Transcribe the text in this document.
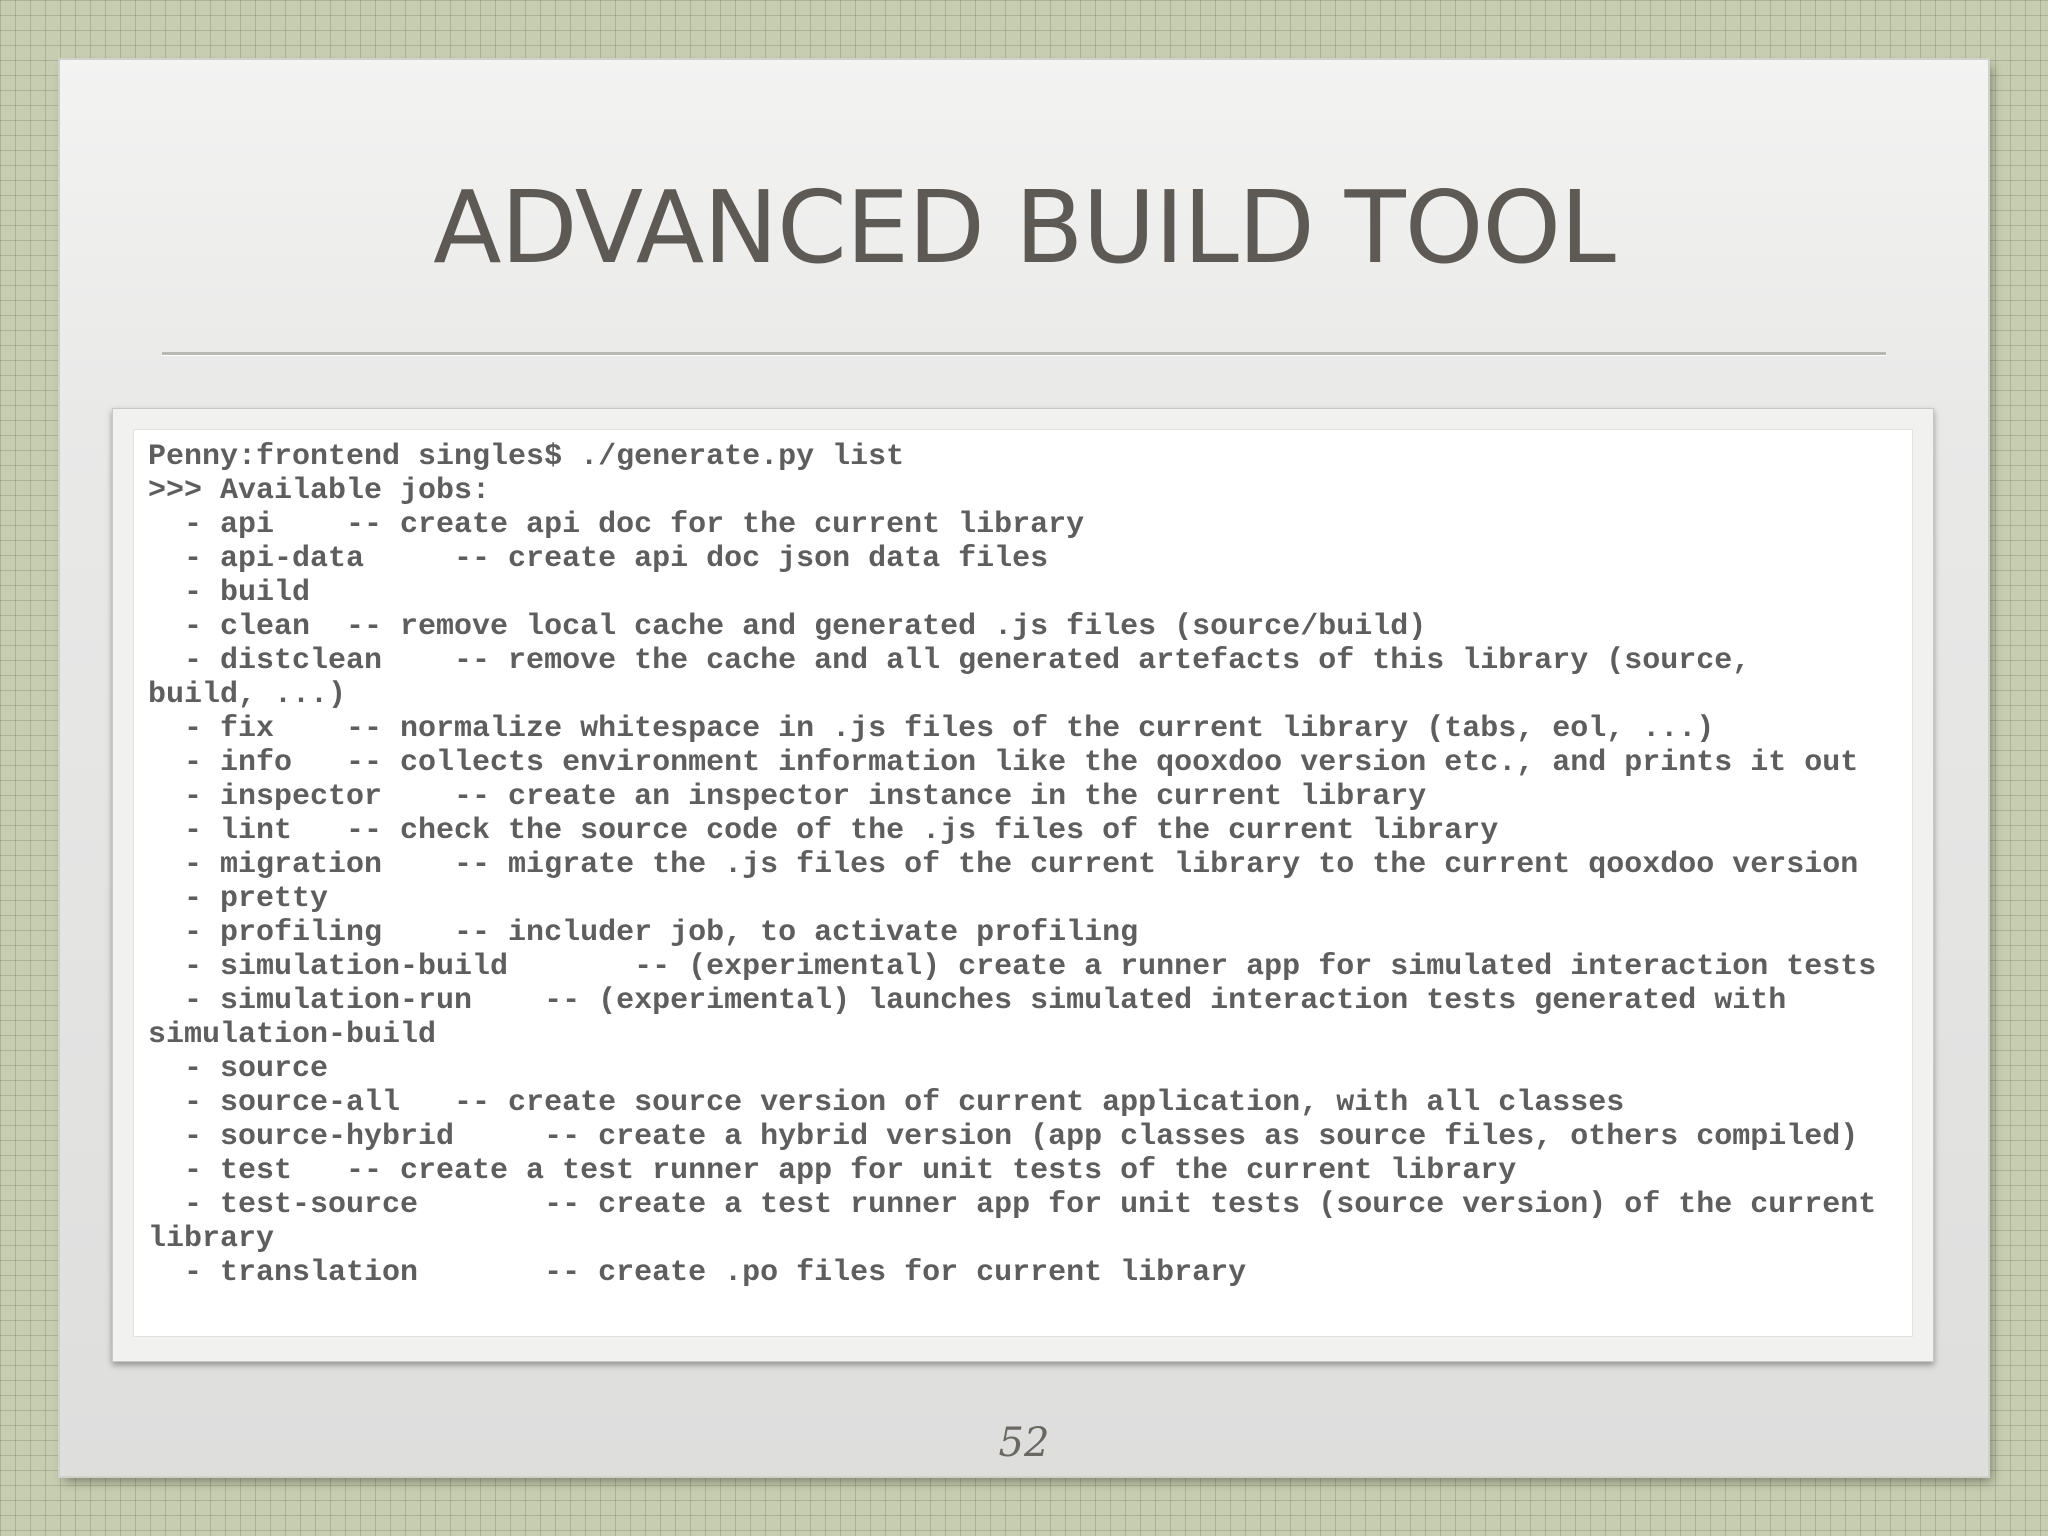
ADVANCED BUILD TOOL
Penny:frontend singles$ ./generate.py list
>>> Available jobs:
- api    -- create api doc for the current library
- api-data     -- create api doc json data files
- build
- clean  -- remove local cache and generated .js files (source/build)
- distclean    -- remove the cache and all generated artefacts of this library (source,
build, ...)
- fix    -- normalize whitespace in .js files of the current library (tabs, eol, ...)
- info   -- collects environment information like the qooxdoo version etc., and prints it out
- inspector    -- create an inspector instance in the current library
- lint   -- check the source code of the .js files of the current library
- migration    -- migrate the .js files of the current library to the current qooxdoo version
- pretty
- profiling    -- includer job, to activate profiling
- simulation-build       -- (experimental) create a runner app for simulated interaction tests
- simulation-run    -- (experimental) launches simulated interaction tests generated with
simulation-build
- source
- source-all   -- create source version of current application, with all classes
- source-hybrid     -- create a hybrid version (app classes as source files, others compiled)
- test   -- create a test runner app for unit tests of the current library
- test-source       -- create a test runner app for unit tests (source version) of the current
library
- translation       -- create .po files for current library
52
